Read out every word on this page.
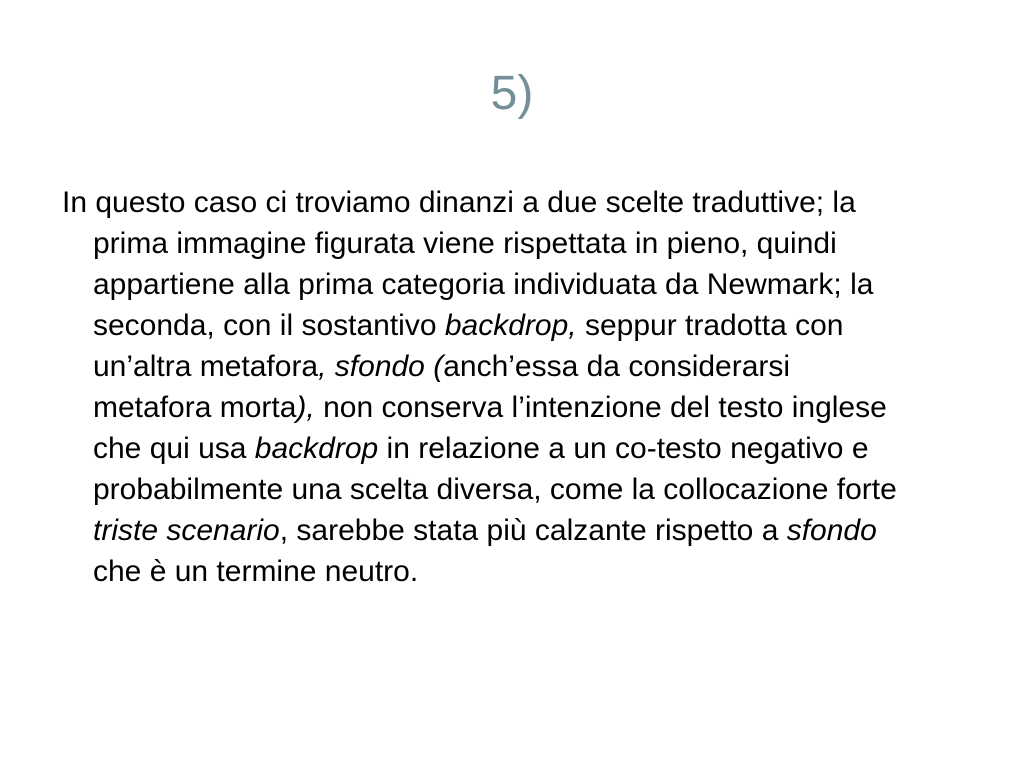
5)

In questo caso ci troviamo dinanzi a due scelte traduttive; la prima immagine figurata viene rispettata in pieno, quindi appartiene alla prima categoria individuata da Newmark; la seconda, con il sostantivo backdrop, seppur tradotta con un’altra metafora, sfondo (anch’essa da considerarsi metafora morta), non conserva l’intenzione del testo inglese che qui usa backdrop in relazione a un co-testo negativo e probabilmente una scelta diversa, come la collocazione forte triste scenario, sarebbe stata più calzante rispetto a sfondo che è un termine neutro.
